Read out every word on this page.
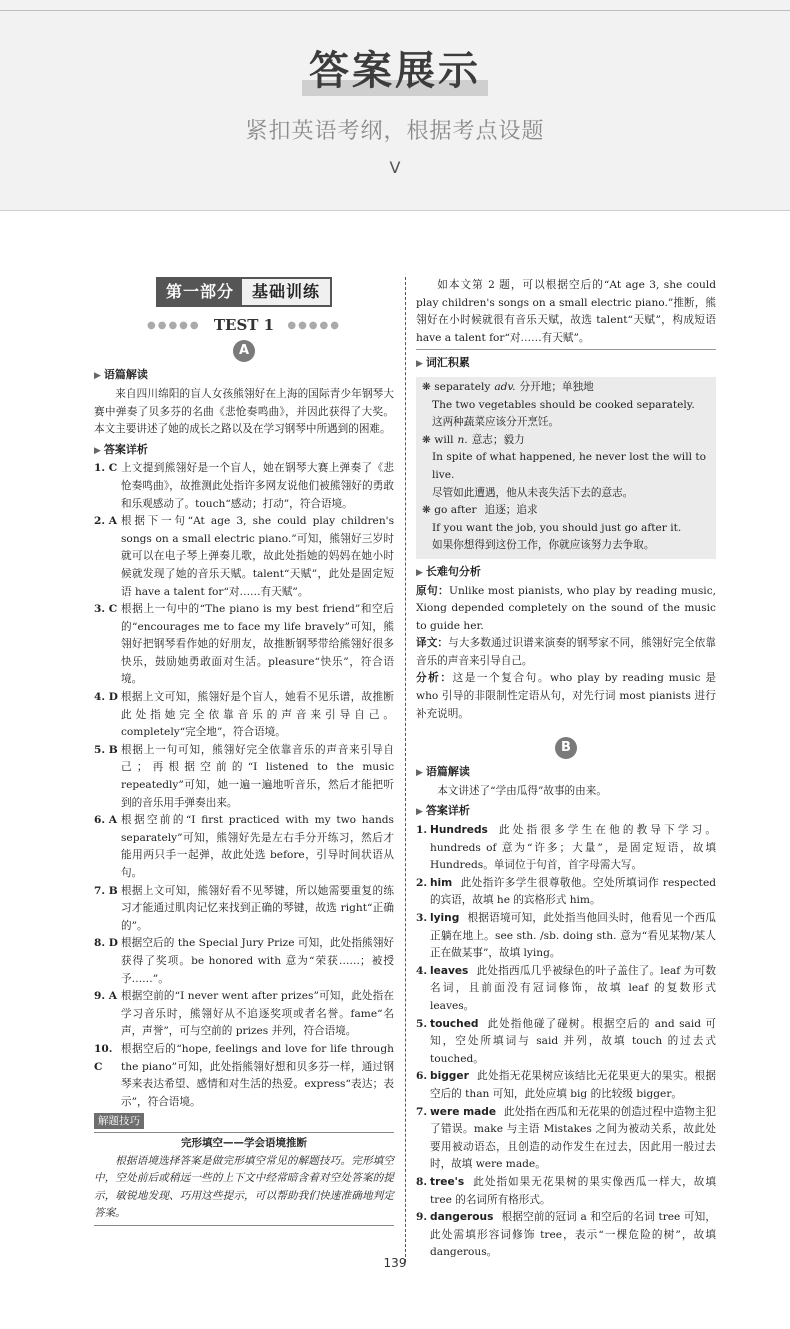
答案展示
紧扣英语考纲，根据考点设题
V
第一部分	基础训练
●●●●● TEST 1 ●●●●●
A
▶ 语篇解读
来自四川绵阳的盲人女孩熊翎好在上海的国际青少年钢琴大赛中弹奏了贝多芬的名曲《悲怆奏鸣曲》，并因此获得了大奖。本文主要讲述了她的成长之路以及在学习钢琴中所遇到的困难。
▶ 答案详析
1. C 上文提到熊翎好是一个盲人，她在钢琴大赛上弹奏了《悲怆奏鸣曲》，故推测此处指许多网友说他们被熊翎好的勇敢和乐观感动了。touch“感动；打动”，符合语境。
2. A 根据下一句“At age 3, she could play children's songs on a small electric piano.”可知，熊翎好三岁时就可以在电子琴上弹奏儿歌，故此处指她的妈妈在她小时候就发现了她的音乐天赋。talent“天赋”，此处是固定短语 have a talent for“对……有天赋”。
3. C 根据上一句中的“The piano is my best friend”和空后的“encourages me to face my life bravely”可知，熊翎好把钢琴看作她的好朋友，故推断钢琴带给熊翎好很多快乐，鼓励她勇敢面对生活。pleasure“快乐”，符合语境。
4. D 根据上文可知，熊翎好是个盲人，她看不见乐谱，故推断此处指她完全依靠音乐的声音来引导自己。completely“完全地”，符合语境。
5. B 根据上一句可知，熊翎好完全依靠音乐的声音来引导自己；再根据空前的“I listened to the music repeatedly”可知，她一遍一遍地听音乐，然后才能把听到的音乐用手弹奏出来。
6. A 根据空前的“I first practiced with my two hands separately”可知，熊翎好先是左右手分开练习，然后才能用两只手一起弹，故此处选 before，引导时间状语从句。
7. B 根据上文可知，熊翎好看不见琴键，所以她需要重复的练习才能通过肌肉记忆来找到正确的琴键，故选 right“正确的”。
8. D 根据空后的 the Special Jury Prize 可知，此处指熊翎好获得了奖项。be honored with 意为“荣获……；被授予……”。
9. A 根据空前的“I never went after prizes”可知，此处指在学习音乐时，熊翎好从不追逐奖项或者名誉。fame“名声，声誉”，可与空前的 prizes 并列，符合语境。
10. C
根据空后的“hope, feelings and love for life through the piano”可知，此处指熊翎好想和贝多芬一样，通过钢琴来表达希望、感情和对生活的热爱。express“表达；表示”，符合语境。
解题技巧
完形填空——学会语境推断
根据语境选择答案是做完形填空常见的解题技巧。完形填空中，空处前后或稍远一些的上下文中经常暗含着对空处答案的提示，敏锐地发现、巧用这些提示，可以帮助我们快速准确地判定答案。
如本文第 2 题，可以根据空后的“At age 3, she could play children's songs on a small electric piano.”推断，熊翎好在小时候就很有音乐天赋，故选 talent“天赋”，构成短语 have a talent for“对……有天赋”。
▶ 词汇积累
❋ separately adv. 分开地；单独地
The two vegetables should be cooked separately.
这两种蔬菜应该分开烹饪。
❋ will n. 意志；毅力
In spite of what happened, he never lost the will to live.
尽管如此遭遇，他从未丧失活下去的意志。
❋ go after 追逐；追求
If you want the job, you should just go after it.
如果你想得到这份工作，你就应该努力去争取。
▶ 长难句分析
原句：Unlike most pianists, who play by reading music, Xiong depended completely on the sound of the music to guide her.
译文：与大多数通过识谱来演奏的钢琴家不同，熊翎好完全依靠音乐的声音来引导自己。
分析：这是一个复合句。who play by reading music 是 who 引导的非限制性定语从句，对先行词 most pianists 进行补充说明。
B
▶ 语篇解读
本文讲述了“学由瓜得”故事的由来。
▶ 答案详析
1. Hundreds 此处指很多学生在他的教导下学习。hundreds of 意为“许多；大量”，是固定短语，故填 Hundreds。单词位于句首，首字母需大写。
2. him 此处指许多学生很尊敬他。空处所填词作 respected 的宾语，故填 he 的宾格形式 him。
3. lying 根据语境可知，此处指当他回头时，他看见一个西瓜正躺在地上。see sth. /sb. doing sth. 意为“看见某物/某人正在做某事”，故填 lying。
4. leaves 此处指西瓜几乎被绿色的叶子盖住了。leaf 为可数名词，且前面没有冠词修饰，故填 leaf 的复数形式 leaves。
5. touched 此处指他碰了碰树。根据空后的 and said 可知，空处所填词与 said 并列，故填 touch 的过去式 touched。
6. bigger 此处指无花果树应该结比无花果更大的果实。根据空后的 than 可知，此处应填 big 的比较级 bigger。
7. were made 此处指在西瓜和无花果的创造过程中造物主犯了错误。make 与主语 Mistakes 之间为被动关系，故此处要用被动语态，且创造的动作发生在过去，因此用一般过去时，故填 were made。
8. tree's 此处指如果无花果树的果实像西瓜一样大，故填 tree 的名词所有格形式。
9. dangerous 根据空前的冠词 a 和空后的名词 tree 可知，此处需填形容词修饰 tree，表示“一棵危险的树”，故填 dangerous。
139
